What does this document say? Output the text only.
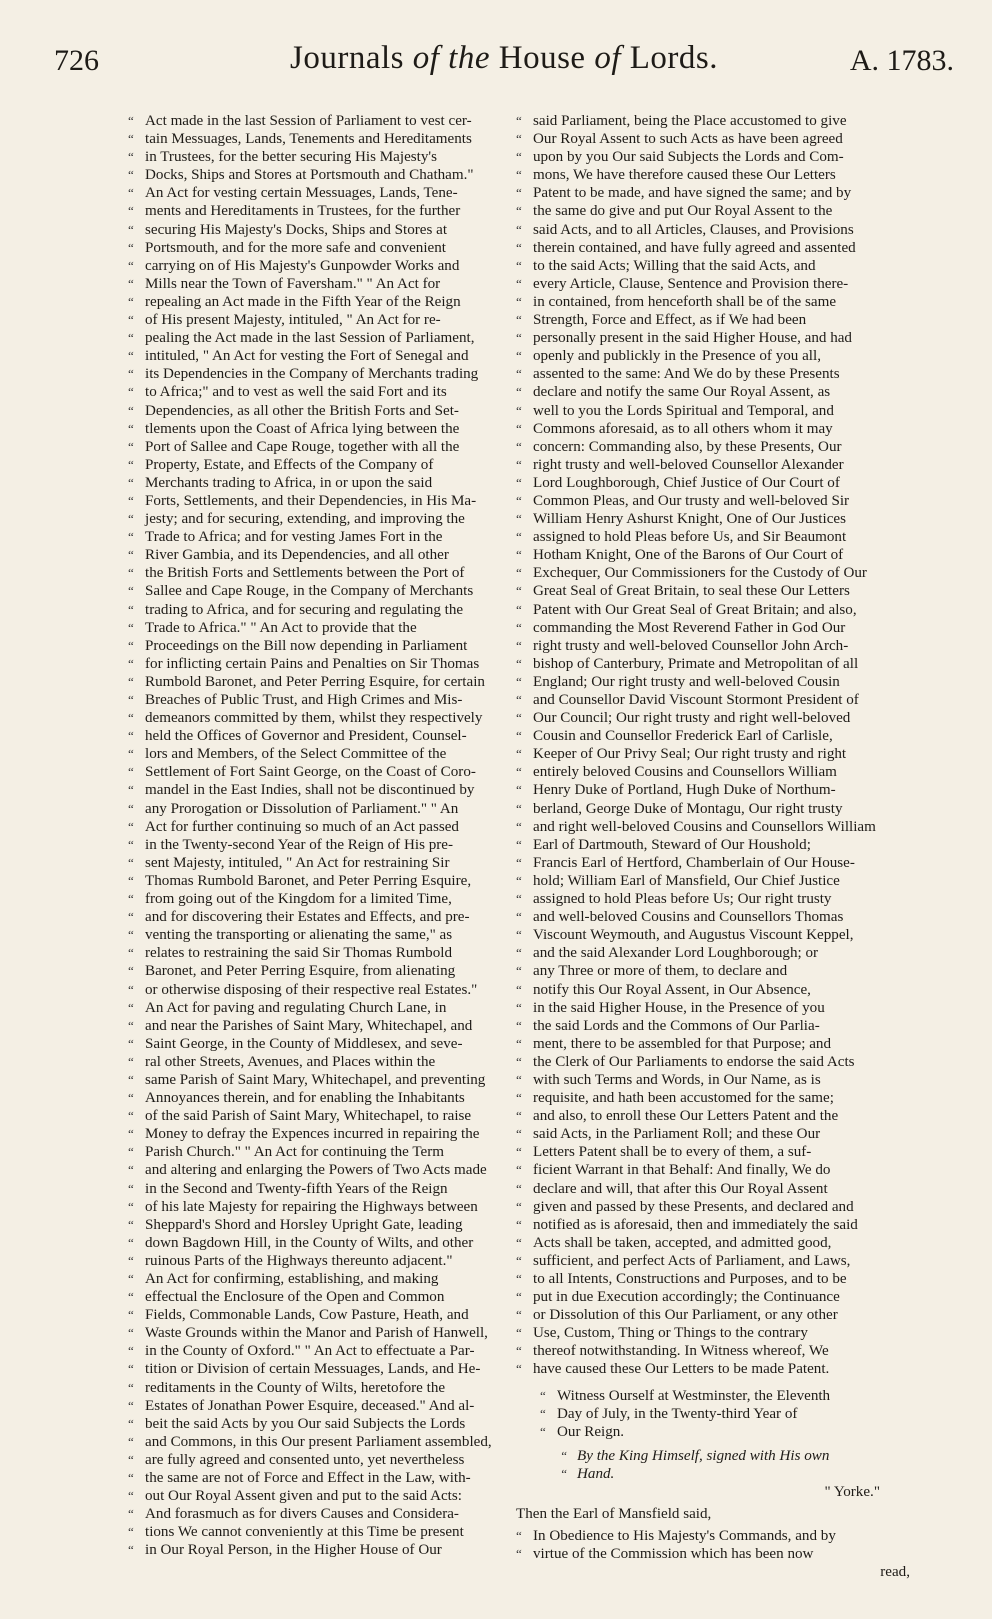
726	Journals of the House of Lords.	A. 1783.
“ Act made in the last Session of Parliament to vest cer-
“ tain Messuages, Lands, Tenements and Hereditaments
“ in Trustees, for the better securing His Majesty's
“ Docks, Ships and Stores at Portsmouth and Chatham."
“ An Act for vesting certain Messuages, Lands, Tene-
“ ments and Hereditaments in Trustees, for the further
“ securing His Majesty's Docks, Ships and Stores at
“ Portsmouth, and for the more safe and convenient
“ carrying on of His Majesty's Gunpowder Works and
“ Mills near the Town of Faversham." " An Act for
“ repealing an Act made in the Fifth Year of the Reign
“ of His present Majesty, intituled, " An Act for re-
“ pealing the Act made in the last Session of Parliament,
“ intituled, " An Act for vesting the Fort of Senegal and
“ its Dependencies in the Company of Merchants trading
“ to Africa;" and to vest as well the said Fort and its
“ Dependencies, as all other the British Forts and Set-
“ tlements upon the Coast of Africa lying between the
“ Port of Sallee and Cape Rouge, together with all the
“ Property, Estate, and Effects of the Company of
“ Merchants trading to Africa, in or upon the said
“ Forts, Settlements, and their Dependencies, in His Ma-
“ jesty; and for securing, extending, and improving the
“ Trade to Africa; and for vesting James Fort in the
“ River Gambia, and its Dependencies, and all other
“ the British Forts and Settlements between the Port of
“ Sallee and Cape Rouge, in the Company of Merchants
“ trading to Africa, and for securing and regulating the
“ Trade to Africa." " An Act to provide that the
“ Proceedings on the Bill now depending in Parliament
“ for inflicting certain Pains and Penalties on Sir Thomas
“ Rumbold Baronet, and Peter Perring Esquire, for certain
“ Breaches of Public Trust, and High Crimes and Mis-
“ demeanors committed by them, whilst they respectively
“ held the Offices of Governor and President, Counsel-
“ lors and Members, of the Select Committee of the
“ Settlement of Fort Saint George, on the Coast of Coro-
“ mandel in the East Indies, shall not be discontinued by
“ any Prorogation or Dissolution of Parliament." " An
“ Act for further continuing so much of an Act passed
“ in the Twenty-second Year of the Reign of His pre-
“ sent Majesty, intituled, " An Act for restraining Sir
“ Thomas Rumbold Baronet, and Peter Perring Esquire,
“ from going out of the Kingdom for a limited Time,
“ and for discovering their Estates and Effects, and pre-
“ venting the transporting or alienating the same," as
“ relates to restraining the said Sir Thomas Rumbold
“ Baronet, and Peter Perring Esquire, from alienating
“ or otherwise disposing of their respective real Estates."
“ An Act for paving and regulating Church Lane, in
“ and near the Parishes of Saint Mary, Whitechapel, and
“ Saint George, in the County of Middlesex, and seve-
“ ral other Streets, Avenues, and Places within the
“ same Parish of Saint Mary, Whitechapel, and preventing
“ Annoyances therein, and for enabling the Inhabitants
“ of the said Parish of Saint Mary, Whitechapel, to raise
“ Money to defray the Expences incurred in repairing the
“ Parish Church." " An Act for continuing the Term
“ and altering and enlarging the Powers of Two Acts made
“ in the Second and Twenty-fifth Years of the Reign
“ of his late Majesty for repairing the Highways between
“ Sheppard's Shord and Horsley Upright Gate, leading
“ down Bagdown Hill, in the County of Wilts, and other
“ ruinous Parts of the Highways thereunto adjacent."
“ An Act for confirming, establishing, and making
“ effectual the Enclosure of the Open and Common
“ Fields, Commonable Lands, Cow Pasture, Heath, and
“ Waste Grounds within the Manor and Parish of Hanwell,
“ in the County of Oxford." " An Act to effectuate a Par-
“ tition or Division of certain Messuages, Lands, and He-
“ reditaments in the County of Wilts, heretofore the
“ Estates of Jonathan Power Esquire, deceased." And al-
“ beit the said Acts by you Our said Subjects the Lords
“ and Commons, in this Our present Parliament assembled,
“ are fully agreed and consented unto, yet nevertheless
“ the same are not of Force and Effect in the Law, with-
“ out Our Royal Assent given and put to the said Acts:
“ And forasmuch as for divers Causes and Considera-
“ tions We cannot conveniently at this Time be present
“ in Our Royal Person, in the Higher House of Our
“ said Parliament, being the Place accustomed to give
“ Our Royal Assent to such Acts as have been agreed
“ upon by you Our said Subjects the Lords and Com-
“ mons, We have therefore caused these Our Letters
“ Patent to be made, and have signed the same; and by
“ the same do give and put Our Royal Assent to the
“ said Acts, and to all Articles, Clauses, and Provisions
“ therein contained, and have fully agreed and assented
“ to the said Acts; Willing that the said Acts, and
“ every Article, Clause, Sentence and Provision there-
“ in contained, from henceforth shall be of the same
“ Strength, Force and Effect, as if We had been
“ personally present in the said Higher House, and had
“ openly and publickly in the Presence of you all,
“ assented to the same: And We do by these Presents
“ declare and notify the same Our Royal Assent, as
“ well to you the Lords Spiritual and Temporal, and
“ Commons aforesaid, as to all others whom it may
“ concern: Commanding also, by these Presents, Our
“ right trusty and well-beloved Counsellor Alexander
“ Lord Loughborough, Chief Justice of Our Court of
“ Common Pleas, and Our trusty and well-beloved Sir
“ William Henry Ashurst Knight, One of Our Justices
“ assigned to hold Pleas before Us, and Sir Beaumont
“ Hotham Knight, One of the Barons of Our Court of
“ Exchequer, Our Commissioners for the Custody of Our
“ Great Seal of Great Britain, to seal these Our Letters
“ Patent with Our Great Seal of Great Britain; and also,
“ commanding the Most Reverend Father in God Our
“ right trusty and well-beloved Counsellor John Arch-
“ bishop of Canterbury, Primate and Metropolitan of all
“ England; Our right trusty and well-beloved Cousin
“ and Counsellor David Viscount Stormont President of
“ Our Council; Our right trusty and right well-beloved
“ Cousin and Counsellor Frederick Earl of Carlisle,
“ Keeper of Our Privy Seal; Our right trusty and right
“ entirely beloved Cousins and Counsellors William
“ Henry Duke of Portland, Hugh Duke of Northum-
“ berland, George Duke of Montagu, Our right trusty
“ and right well-beloved Cousins and Counsellors William
“ Earl of Dartmouth, Steward of Our Houshold;
“ Francis Earl of Hertford, Chamberlain of Our House-
“ hold; William Earl of Mansfield, Our Chief Justice
“ assigned to hold Pleas before Us; Our right trusty
“ and well-beloved Cousins and Counsellors Thomas
“ Viscount Weymouth, and Augustus Viscount Keppel,
“ and the said Alexander Lord Loughborough; or
“ any Three or more of them, to declare and
“ notify this Our Royal Assent, in Our Absence,
“ in the said Higher House, in the Presence of you
“ the said Lords and the Commons of Our Parlia-
“ ment, there to be assembled for that Purpose; and
“ the Clerk of Our Parliaments to endorse the said Acts
“ with such Terms and Words, in Our Name, as is
“ requisite, and hath been accustomed for the same;
“ and also, to enroll these Our Letters Patent and the
“ said Acts, in the Parliament Roll; and these Our
“ Letters Patent shall be to every of them, a suf-
“ ficient Warrant in that Behalf: And finally, We do
“ declare and will, that after this Our Royal Assent
“ given and passed by these Presents, and declared and
“ notified as is aforesaid, then and immediately the said
“ Acts shall be taken, accepted, and admitted good,
“ sufficient, and perfect Acts of Parliament, and Laws,
“ to all Intents, Constructions and Purposes, and to be
“ put in due Execution accordingly; the Continuance
“ or Dissolution of this Our Parliament, or any other
“ Use, Custom, Thing or Things to the contrary
“ thereof notwithstanding. In Witness whereof, We
“ have caused these Our Letters to be made Patent.
“ Witness Ourself at Westminster, the Eleventh
“ Day of July, in the Twenty-third Year of
“ Our Reign.
“ By the King Himself, signed with His own
“ Hand.
" Yorke."
Then the Earl of Mansfield said,
“ In Obedience to His Majesty's Commands, and by
“ virtue of the Commission which has been now
read,
